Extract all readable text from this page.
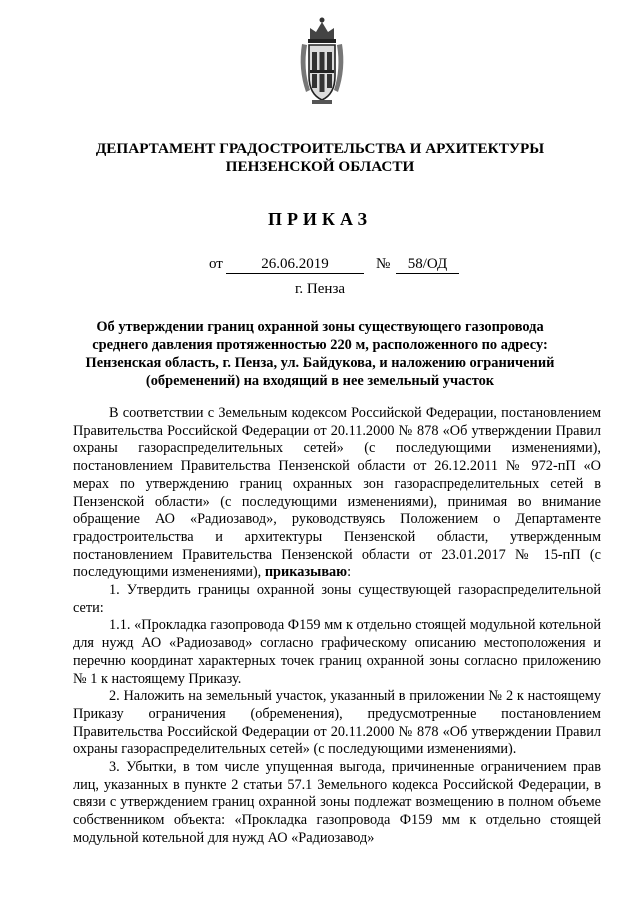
ДЕПАРТАМЕНТ ГРАДОСТРОИТЕЛЬСТВА И АРХИТЕКТУРЫ
ПЕНЗЕНСКОЙ ОБЛАСТИ
ПРИКАЗ
от	26.06.2019	№	58/ОД
г. Пенза
Об утверждении границ охранной зоны существующего газопровода
среднего давления протяженностью 220 м, расположенного по адресу:
Пензенская область, г. Пенза, ул. Байдукова, и наложению ограничений
(обременений) на входящий в нее земельный участок

В соответствии с Земельным кодексом Российской Федерации, постановлением Правительства Российской Федерации от 20.11.2000 № 878 «Об утверждении Правил охраны газораспределительных сетей» (с последующими изменениями), постановлением Правительства Пензенской области от 26.12.2011 № 972-пП «О мерах по утверждению границ охранных зон газораспределительных сетей в Пензенской области» (с последующими изменениями), принимая во внимание обращение АО «Радиозавод», руководствуясь Положением о Департаменте градостроительства и архитектуры Пензенской области, утвержденным постановлением Правительства Пензенской области от 23.01.2017 № 15-пП (с последующими изменениями), приказываю:

1. Утвердить границы охранной зоны существующей газораспределительной сети:

1.1. «Прокладка газопровода Ф159 мм к отдельно стоящей модульной котельной для нужд АО «Радиозавод» согласно графическому описанию местоположения и перечню координат характерных точек границ охранной зоны согласно приложению № 1 к настоящему Приказу.

2. Наложить на земельный участок, указанный в приложении № 2 к настоящему Приказу ограничения (обременения), предусмотренные постановлением Правительства Российской Федерации от 20.11.2000 № 878 «Об утверждении Правил охраны газораспределительных сетей» (с последующими изменениями).

3. Убытки, в том числе упущенная выгода, причиненные ограничением прав лиц, указанных в пункте 2 статьи 57.1 Земельного кодекса Российской Федерации, в связи с утверждением границ охранной зоны подлежат возмещению в полном объеме собственником объекта: «Прокладка газопровода Ф159 мм к отдельно стоящей модульной котельной для нужд АО «Радиозавод»
